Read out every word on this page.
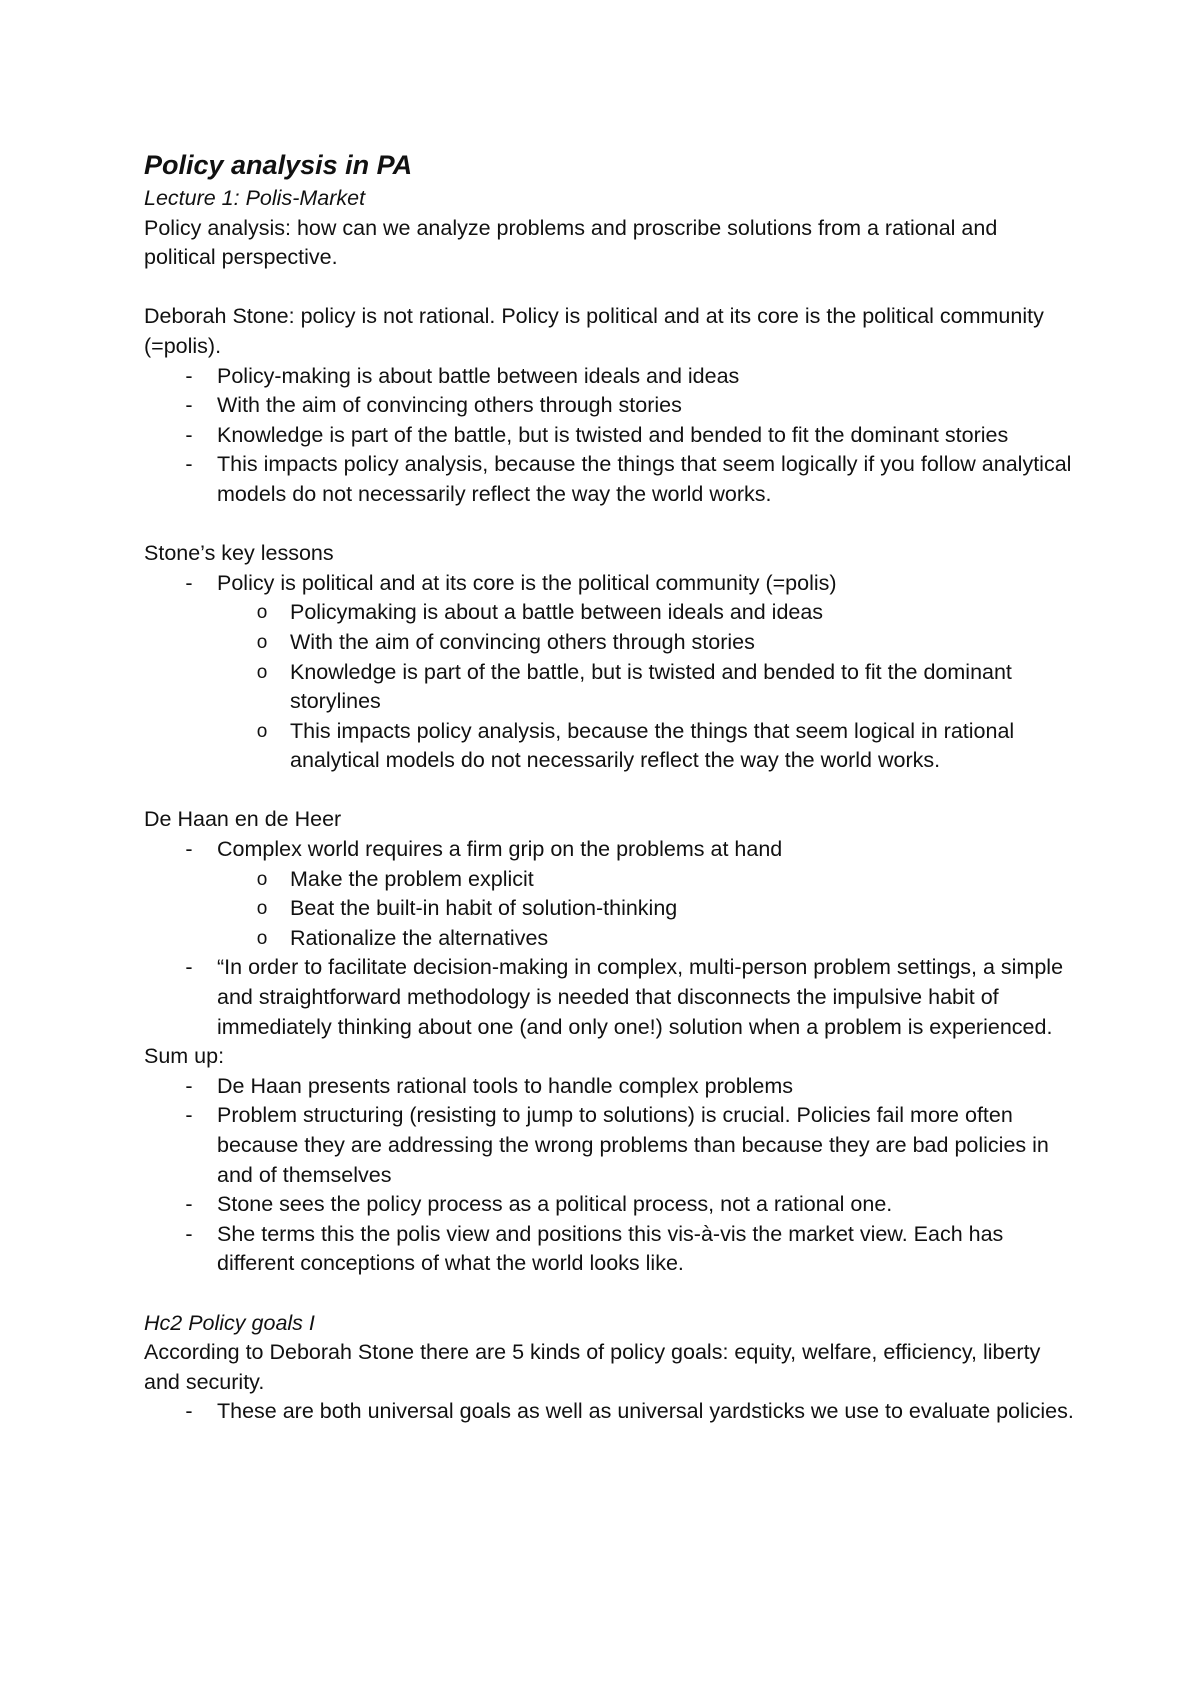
Policy analysis in PA

Lecture 1: Polis-Market

Policy analysis: how can we analyze problems and proscribe solutions from a rational and political perspective.

Deborah Stone: policy is not rational. Policy is political and at its core is the political community (=polis).

- Policy-making is about battle between ideals and ideas
- With the aim of convincing others through stories
- Knowledge is part of the battle, but is twisted and bended to fit the dominant stories
- This impacts policy analysis, because the things that seem logically if you follow analytical models do not necessarily reflect the way the world works.

Stone’s key lessons

- Policy is political and at its core is the political community (=polis)
o Policymaking is about a battle between ideals and ideas
o With the aim of convincing others through stories
o Knowledge is part of the battle, but is twisted and bended to fit the dominant storylines
o This impacts policy analysis, because the things that seem logical in rational analytical models do not necessarily reflect the way the world works.

De Haan en de Heer

- Complex world requires a firm grip on the problems at hand
o Make the problem explicit
o Beat the built-in habit of solution-thinking
o Rationalize the alternatives
- “In order to facilitate decision-making in complex, multi-person problem settings, a simple and straightforward methodology is needed that disconnects the impulsive habit of immediately thinking about one (and only one!) solution when a problem is experienced.

Sum up:

- De Haan presents rational tools to handle complex problems
- Problem structuring (resisting to jump to solutions) is crucial. Policies fail more often because they are addressing the wrong problems than because they are bad policies in and of themselves
- Stone sees the policy process as a political process, not a rational one.
- She terms this the polis view and positions this vis-à-vis the market view. Each has different conceptions of what the world looks like.

Hc2 Policy goals I

According to Deborah Stone there are 5 kinds of policy goals: equity, welfare, efficiency, liberty and security.

- These are both universal goals as well as universal yardsticks we use to evaluate policies.
